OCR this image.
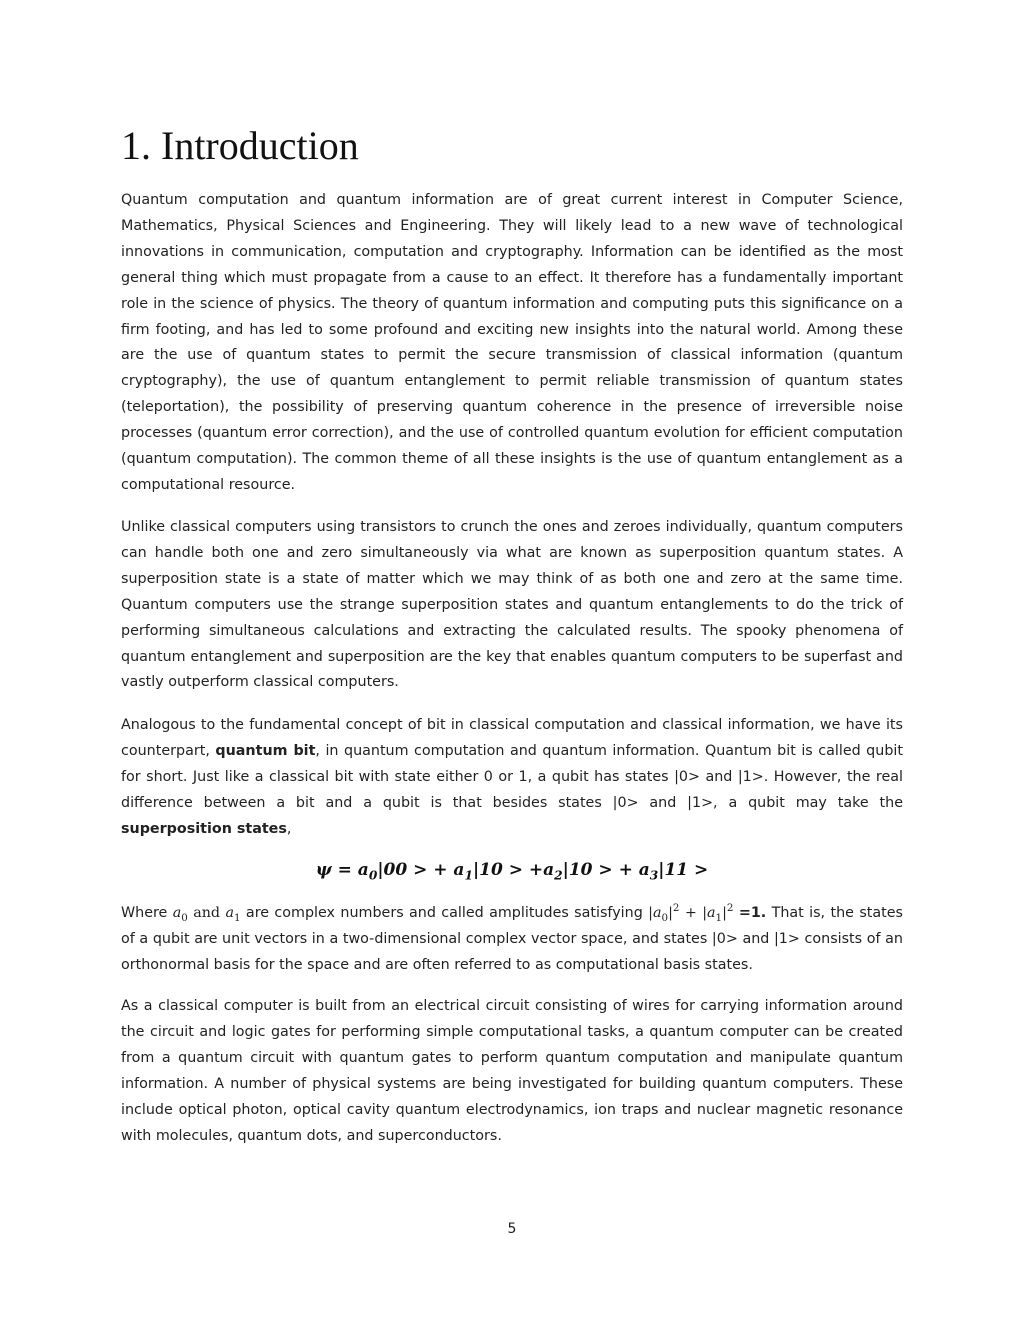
1. Introduction

Quantum computation and quantum information are of great current interest in Computer Science, Mathematics, Physical Sciences and Engineering. They will likely lead to a new wave of technological innovations in communication, computation and cryptography. Information can be identified as the most general thing which must propagate from a cause to an effect. It therefore has a fundamentally important role in the science of physics. The theory of quantum information and computing puts this significance on a firm footing, and has led to some profound and exciting new insights into the natural world. Among these are the use of quantum states to permit the secure transmission of classical information (quantum cryptography), the use of quantum entanglement to permit reliable transmission of quantum states (teleportation), the possibility of preserving quantum coherence in the presence of irreversible noise processes (quantum error correction), and the use of controlled quantum evolution for efficient computation (quantum computation). The common theme of all these insights is the use of quantum entanglement as a computational resource.

Unlike classical computers using transistors to crunch the ones and zeroes individually, quantum computers can handle both one and zero simultaneously via what are known as superposition quantum states. A superposition state is a state of matter which we may think of as both one and zero at the same time. Quantum computers use the strange superposition states and quantum entanglements to do the trick of performing simultaneous calculations and extracting the calculated results. The spooky phenomena of quantum entanglement and superposition are the key that enables quantum computers to be superfast and vastly outperform classical computers.

Analogous to the fundamental concept of bit in classical computation and classical information, we have its counterpart, quantum bit, in quantum computation and quantum information. Quantum bit is called qubit for short. Just like a classical bit with state either 0 or 1, a qubit has states |0> and |1>. However, the real difference between a bit and a qubit is that besides states |0> and |1>, a qubit may take the superposition states,

$\psi = a_0|00$ > + $a_1|10 > +a_2|10$ > + $a_3|11$ >

Where $a_0$ and $a_1$ are complex numbers and called amplitudes satisfying $|a_0|^2 + |a_1|^2 =1$. That is, the states of a qubit are unit vectors in a two-dimensional complex vector space, and states |0> and |1> consists of an orthonormal basis for the space and are often referred to as computational basis states.

As a classical computer is built from an electrical circuit consisting of wires for carrying information around the circuit and logic gates for performing simple computational tasks, a quantum computer can be created from a quantum circuit with quantum gates to perform quantum computation and manipulate quantum information. A number of physical systems are being investigated for building quantum computers. These include optical photon, optical cavity quantum electrodynamics, ion traps and nuclear magnetic resonance with molecules, quantum dots, and superconductors.

5
